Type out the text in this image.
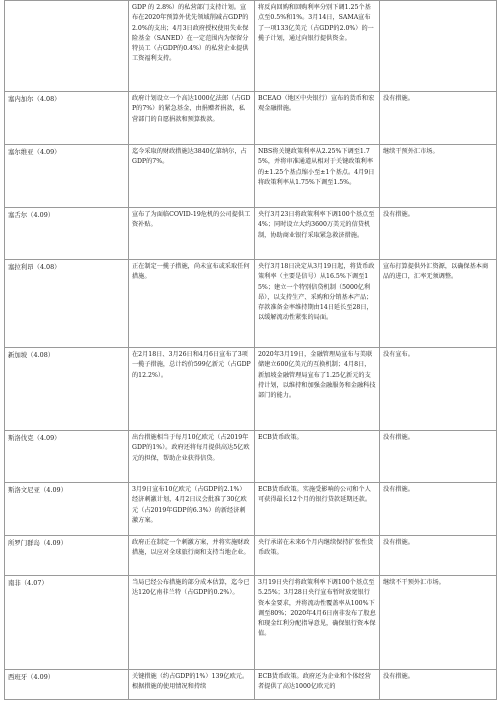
	GDP 的 2.8%）的私营部门支持计划。宣布在2020年预算外优先领域削减占GDP的2.0%的支出；4月3日政府授权使用失业保险基金（SANED）在一定范围内为保留分特员工（占GDP的0.4%）的私营企业提供工资福利支持。	将反向回购和回购利率分别下调1.25个基点至0.5%和1%。3月14日，SAMA宣布了一项133亿美元（占GDP的2.0%）的一揽子计划，通过向银行提供资金。	

塞内加尔（4.08）	政府计划设立一个高达1000亿法郎（占GDP的7%）的紧急基金，由捐赠者捐款，私营部门的自愿捐款和预算拨款。	BCEAO（地区中央银行）宣布的货币和宏观金融措施。	没有措施。

塞尔维亚（4.09）	迄今采取的财政措施达3840亿第纳尔，占GDP的7%。	NBS将关键政策利率从2.25%下调至1.75%，并将审准通道从相对于关键政策利率的±1.25个基点缩小至±1个基点。4月9日将政策利率从1.75%下调至1.5%。	继续干预外汇市场。

塞舌尔（4.09）	宣布了为面临COVID-19危机的公司提供工资补贴。	央行3月23日将政策利率下调100个基点至4%；同时设立大约3600万美元的信贷机制，协助商业银行采取紧急救济措施。	没有措施。

塞拉利昂（4.08）	正在制定一揽子措施，尚未宣布或采取任何措施。	央行3月18日决定从3月19日起，将货币政策利率（主要是信号）从16.5%下调至15%；建立一个特别信贷机制（5000亿利昂），以支持生产、采购和分销基本产品；存款准备金率维持期由14日延长至28日，以缓解流动性紧张的局面。	宣布打算提供外汇资源，以确保基本商品的进口，汇率无须调整。

新加坡（4.08）	在2月18日、3月26日和4月6日宣布了3项一揽子措施，总计约价599亿新元（占GDP的12.2%）。	2020年3月19日，金融管理局宣布与美联储建立600亿美元的互换机制；4月8日，新加坡金融管理局宣布了1.25亿新元的支持计划，以维持和加强金融服务和金融科技部门的能力。	没有宣布。

斯洛伐克（4.09）	出台措施相当于每月10亿欧元（占2019年GDP的1%）。政府还将每月提供高达5亿欧元的担保，帮助企业获得信贷。	ECB货币政策。	没有措施。

斯洛文尼亚（4.09）	3月9日宣布10亿欧元（占GDP的2.1%）经济刺激计划，4月2日议会批准了30亿欧元（占2019年GDP的6.3%）的新经济刺激方案。	ECB货币政策。实施受影响的公司和个人可获得最长12个月的银行贷款延期还款。	没有措施。

所罗门群岛（4.09）	政府正在制定一个刺激方案，并将实施财政措施，以应对全球旅行商和支持当地企业。	央行承诺在未来6个月内继续保持扩张性货币政策。	没有措施。

南非（4.07）	当局已经公布措施的部分成本估算，迄今已达120亿南非兰特（占GDP的0.2%）。	3月19日央行将政策利率下调100个基点至5.25%；3月28日央行宣布暂时放宽银行资本金要求，并将流动性覆盖率从100%下调至80%；2020年4月6日南非发布了股息和现金红利分配指导意见，确保银行资本保值。	继续不干预外汇市场。

西班牙（4.09）	关键措施（约占GDP的1%）139亿欧元。根据措施的使用情况和持续	ECB货币政策。政府还为企业和个体经营者提供了高达1000亿欧元的	没有措施。
